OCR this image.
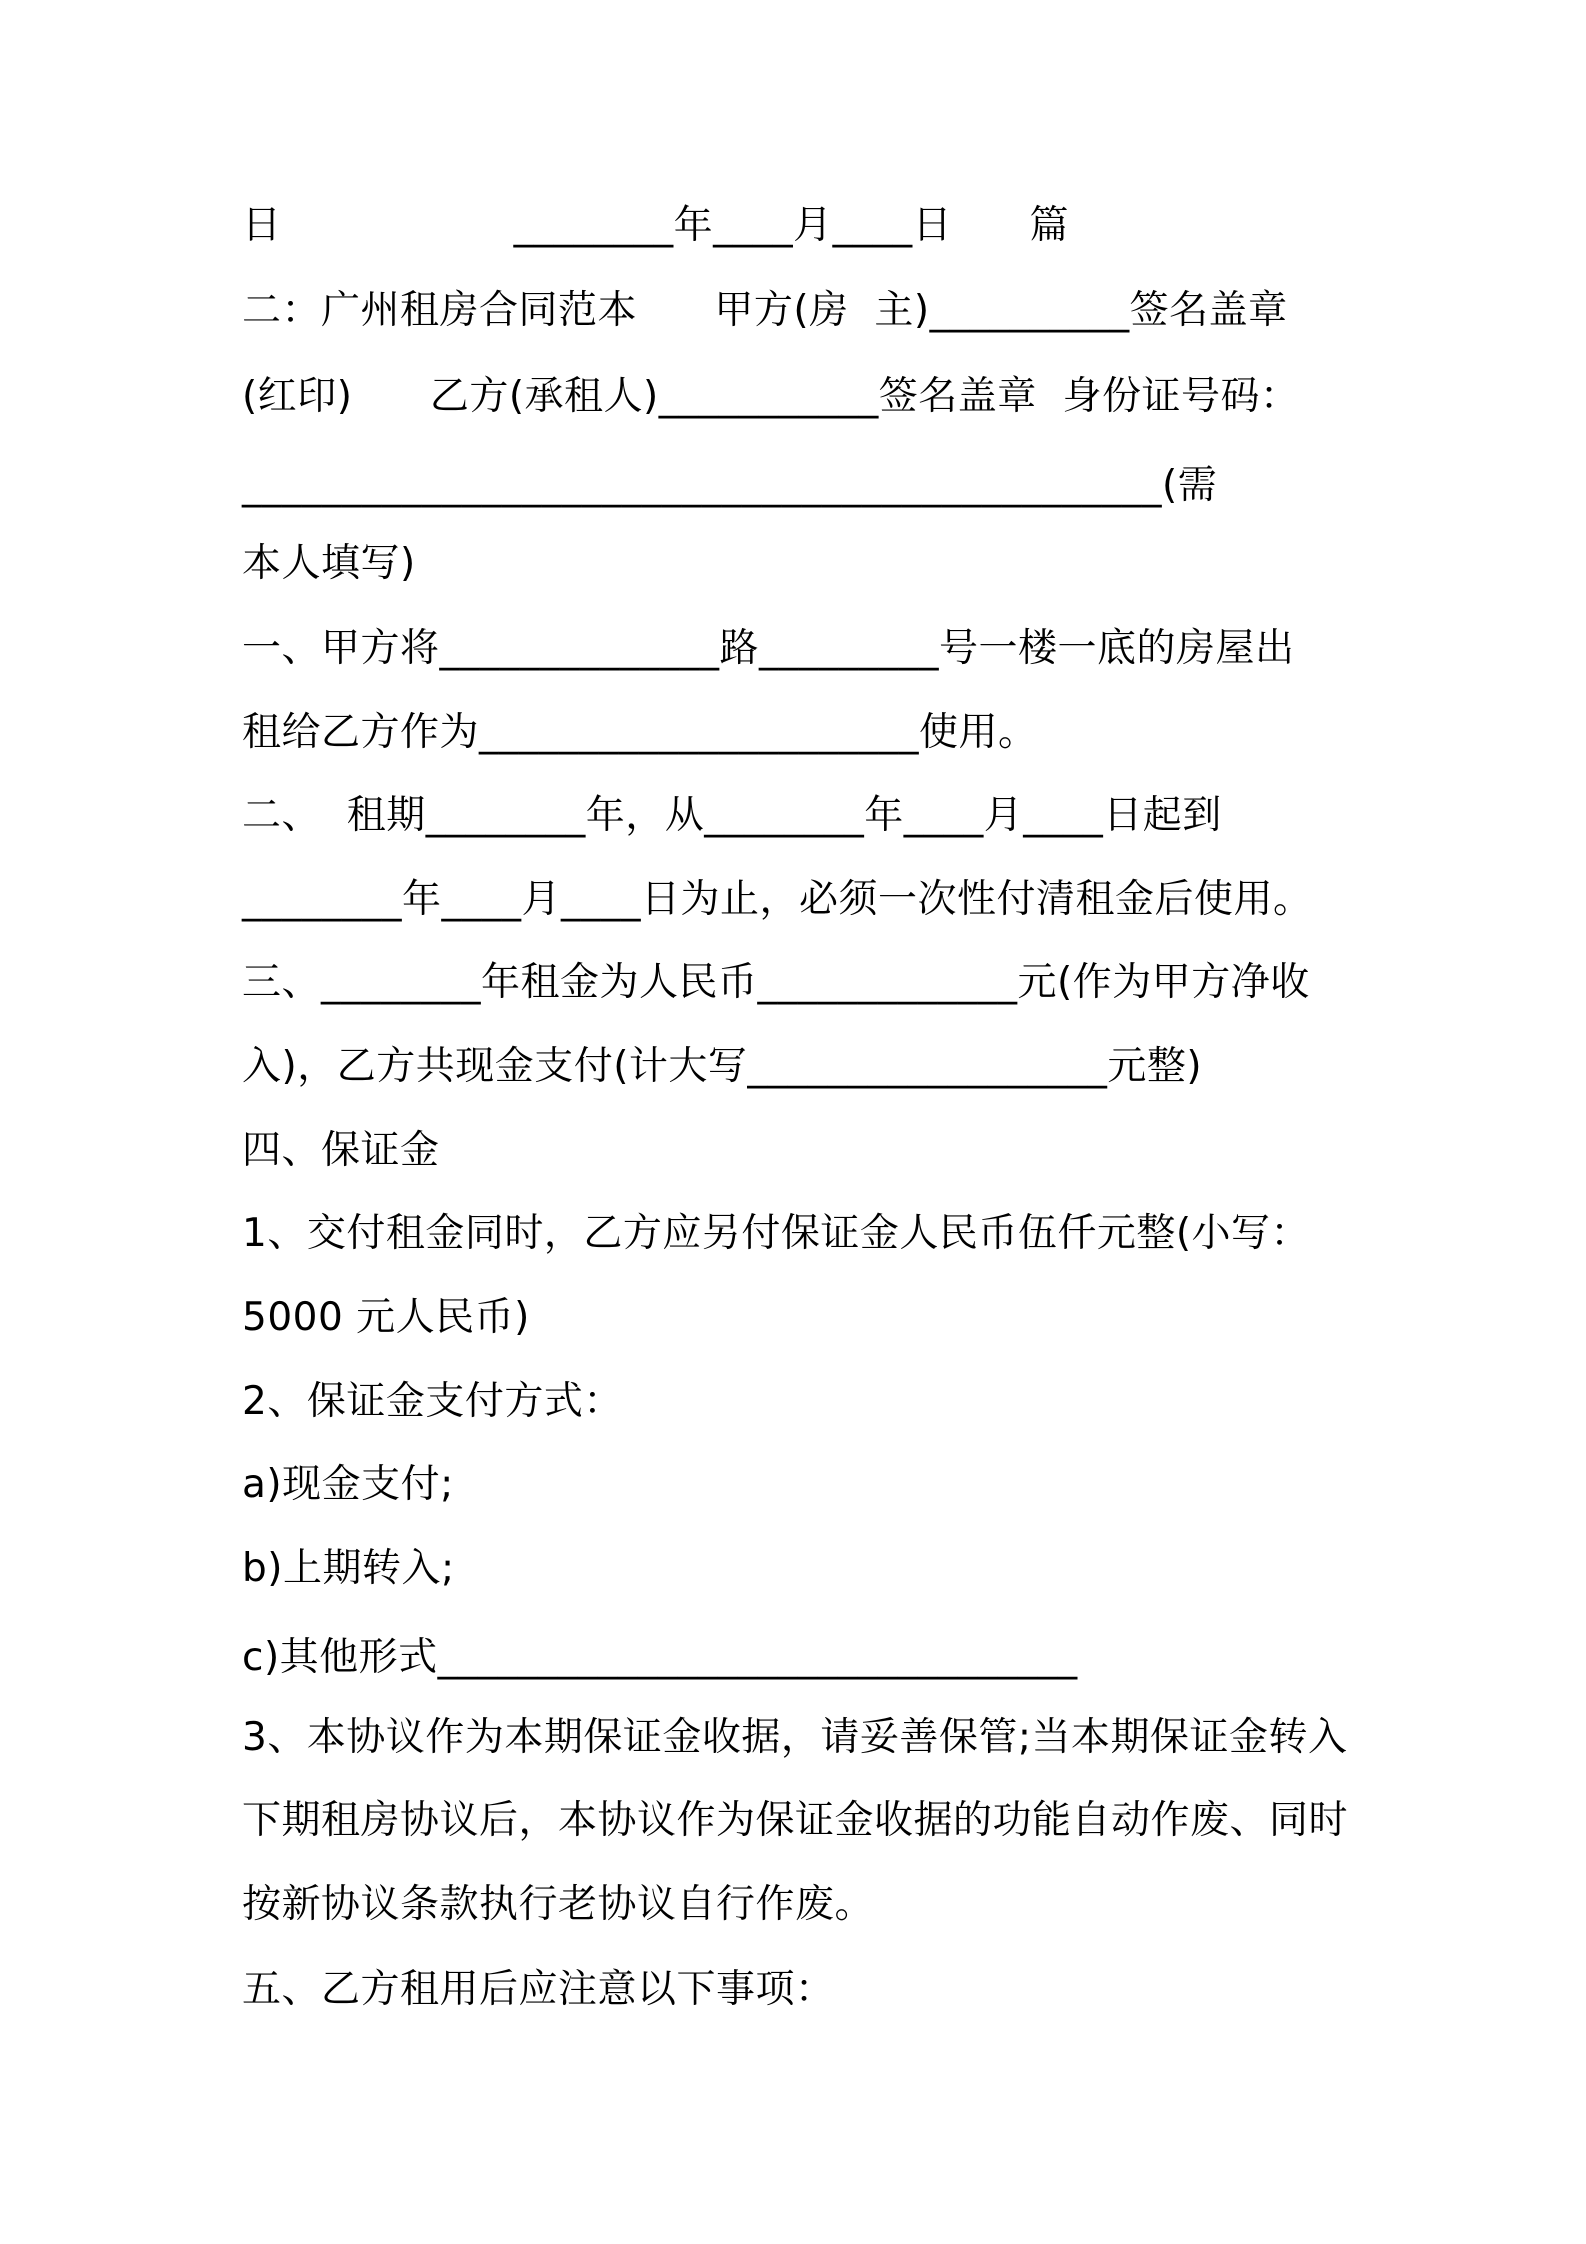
日                  ________年____月____日      篇
二：广州租房合同范本      甲方(房  主)__________签名盖章
(红印)      乙方(承租人)___________签名盖章  身份证号码：
______________________________________________(需
本人填写)
一、甲方将______________路_________号一楼一底的房屋出
租给乙方作为______________________使用。
二、  租期________年，从________年____月____日起到
________年____月____日为止，必须一次性付清租金后使用。
三、________年租金为人民币_____________元(作为甲方净收
入)，乙方共现金支付(计大写__________________元整)
四、保证金
1、交付租金同时，乙方应另付保证金人民币伍仟元整(小写：
5000 元人民币)
2、保证金支付方式：
a)现金支付;
b)上期转入;
c)其他形式________________________________
3、本协议作为本期保证金收据，请妥善保管;当本期保证金转入
下期租房协议后，本协议作为保证金收据的功能自动作废、同时
按新协议条款执行老协议自行作废。
五、乙方租用后应注意以下事项：
